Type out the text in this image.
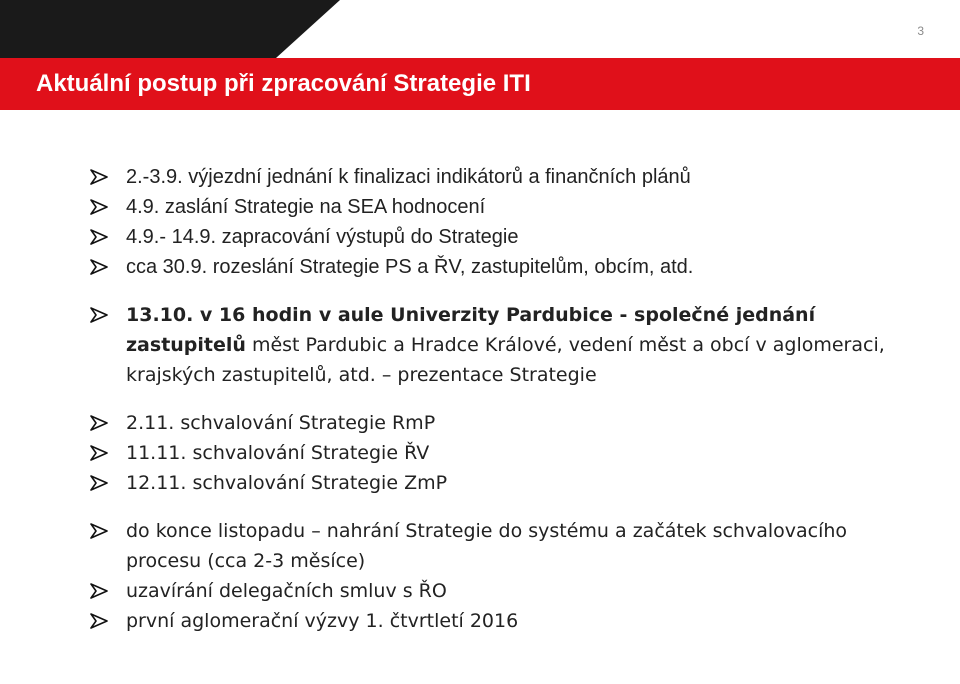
3
Aktuální postup při zpracování Strategie ITI
2.-3.9. výjezdní jednání k finalizaci indikátorů a finančních plánů
4.9. zaslání Strategie na SEA hodnocení
4.9.- 14.9. zapracování výstupů do Strategie
cca 30.9. rozeslání Strategie PS a ŘV, zastupitelům, obcím, atd.
13.10. v 16 hodin v aule Univerzity Pardubice - společné jednání zastupitelů měst Pardubic a Hradce Králové, vedení měst a obcí v aglomeraci, krajských zastupitelů, atd. – prezentace Strategie
2.11. schvalování Strategie RmP
11.11. schvalování Strategie ŘV
12.11. schvalování Strategie ZmP
do konce listopadu – nahrání Strategie do systému a začátek schvalovacího procesu (cca 2-3 měsíce)
uzavírání delegačních smluv s ŘO
první aglomerační výzvy 1. čtvrtletí 2016
